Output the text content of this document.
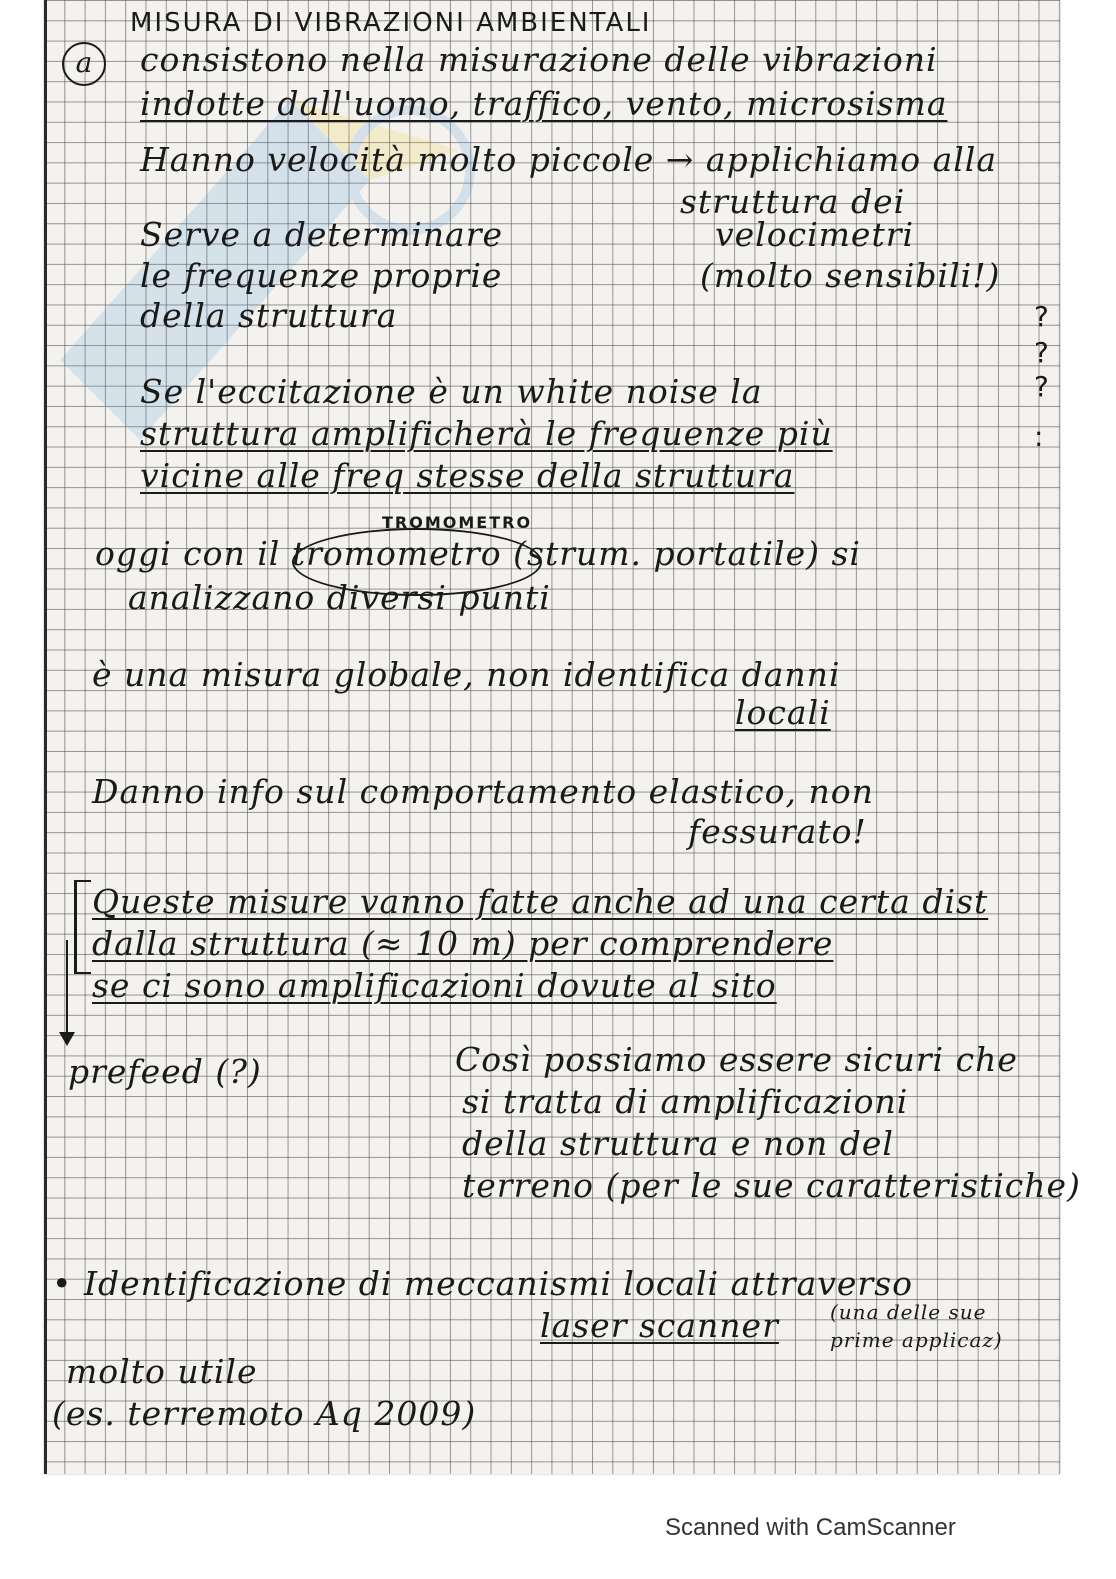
MISURA DI VIBRAZIONI AMBIENTALI
a	consistono nella misurazione delle vibrazioni
indotte dall'uomo, traffico, vento, microsisma
Hanno velocità molto piccole → applichiamo alla
struttura dei
Serve a determinare	velocimetri
le frequenze proprie	(molto sensibili!)
della struttura
Se l'eccitazione è un white noise la
struttura amplificherà le frequenze più
vicine alle freq stesse della struttura
TROMOMETRO
oggi con il tromometro (strum. portatile) si
analizzano diversi punti
è una misura globale, non identifica danni
locali
Danno info sul comportamento elastico, non
fessurato!
Queste misure vanno fatte anche ad una certa dist
dalla struttura (≈ 10 m) per comprendere
se ci sono amplificazioni dovute al sito
prefeed (?)	Così possiamo essere sicuri che
si tratta di amplificazioni
della struttura e non del
terreno (per le sue caratteristiche)
• Identificazione di meccanismi locali attraverso
laser scanner	(una delle sue
prime applicaz)
molto utile
(es. terremoto Aq 2009)
?
?
?
:
Scanned with CamScanner
